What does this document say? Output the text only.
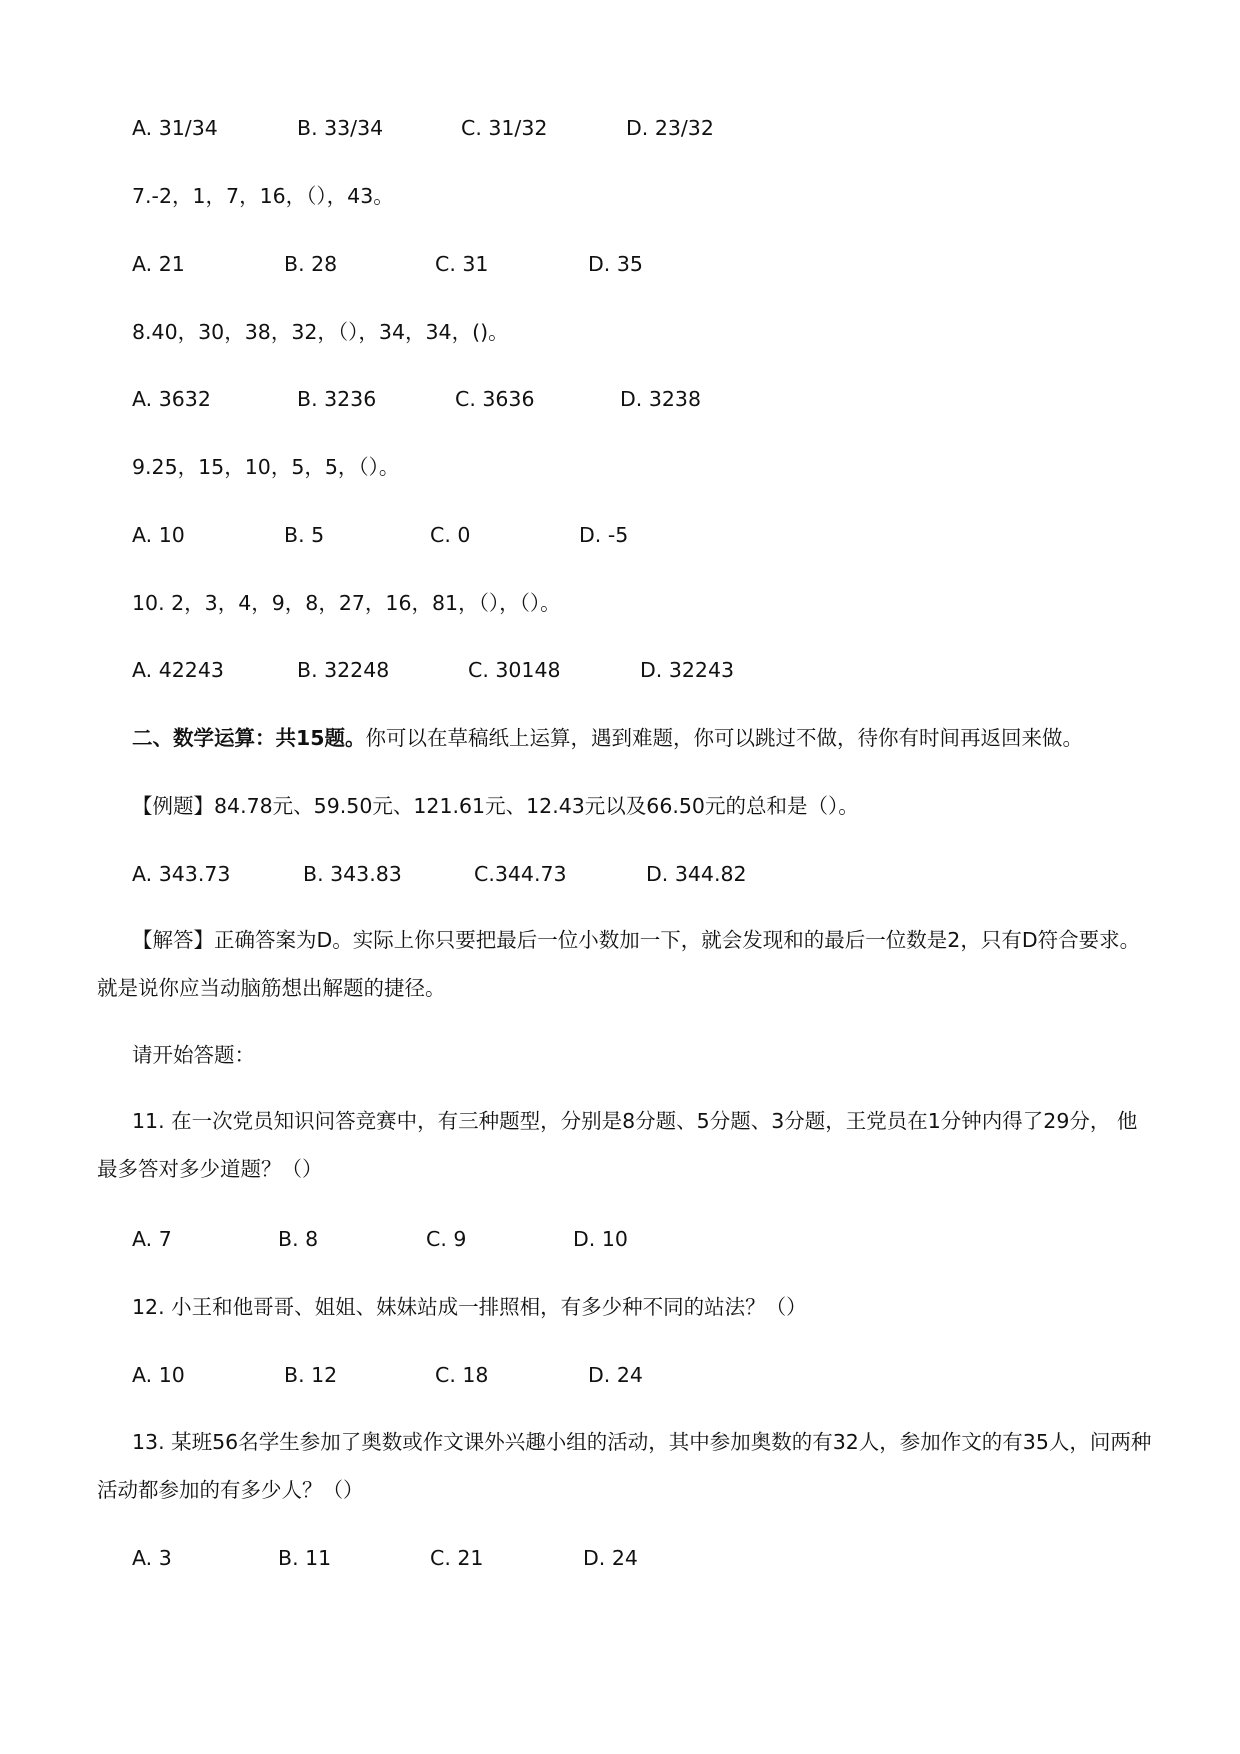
A. 31/34	B. 33/34	C. 31/32	D. 23/32
7.-2，1，7，16，（），43。
A. 21	B. 28	C. 31	D. 35
8.40，30，38，32，（），34，34，()。
A. 3632	B. 3236	C. 3636	D. 3238
9.25，15，10，5，5，（）。
A. 10	B. 5	C. 0	D. -5
10. 2，3，4，9，8，27，16，81，（），（）。
A. 42243	B. 32248	C. 30148	D. 32243
二、数学运算：共15题。你可以在草稿纸上运算，遇到难题，你可以跳过不做，待你有时间再返回来做。
【例题】84.78元、59.50元、121.61元、12.43元以及66.50元的总和是（）。
A. 343.73	B. 343.83	C.344.73	D. 344.82
【解答】正确答案为D。实际上你只要把最后一位小数加一下，就会发现和的最后一位数是2，只有D符合要求。就是说你应当动脑筋想出解题的捷径。
请开始答题：
11. 在一次党员知识问答竞赛中，有三种题型，分别是8分题、5分题、3分题，王党员在1分钟内得了29分， 他最多答对多少道题？（）
A. 7	B. 8	C. 9	D. 10
12. 小王和他哥哥、姐姐、妹妹站成一排照相，有多少种不同的站法？（）
A. 10	B. 12	C. 18	D. 24
13. 某班56名学生参加了奥数或作文课外兴趣小组的活动，其中参加奥数的有32人，参加作文的有35人，问两种活动都参加的有多少人？（）
A. 3	B. 11	C. 21	D. 24
